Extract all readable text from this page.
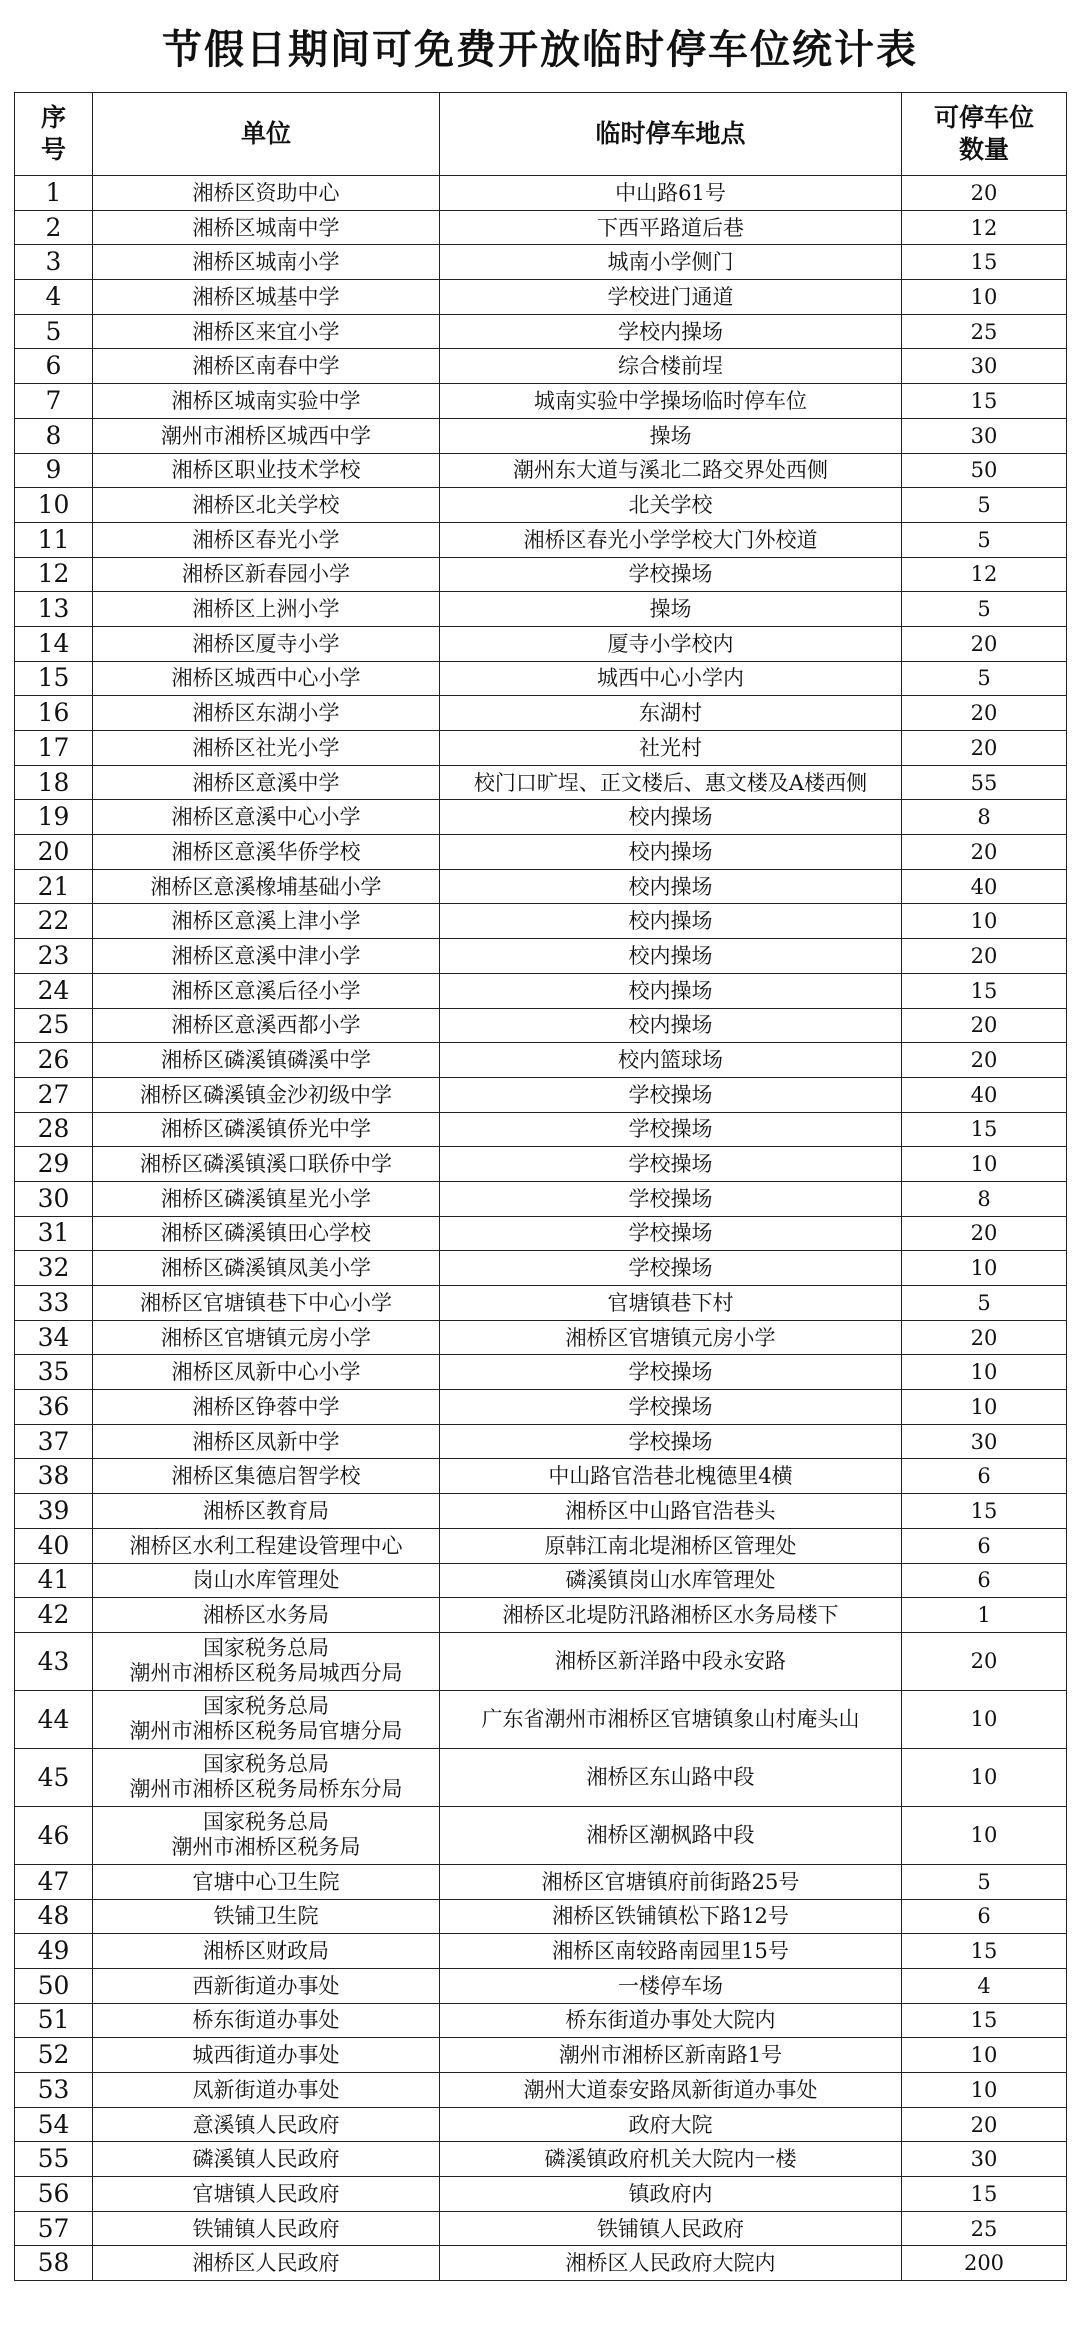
节假日期间可免费开放临时停车位统计表
序
号	单位	临时停车地点	可停车位
数量
1	湘桥区资助中心	中山路61号	20
2	湘桥区城南中学	下西平路道后巷	12
3	湘桥区城南小学	城南小学侧门	15
4	湘桥区城基中学	学校进门通道	10
5	湘桥区来宜小学	学校内操场	25
6	湘桥区南春中学	综合楼前埕	30
7	湘桥区城南实验中学	城南实验中学操场临时停车位	15
8	潮州市湘桥区城西中学	操场	30
9	湘桥区职业技术学校	潮州东大道与溪北二路交界处西侧	50
10	湘桥区北关学校	北关学校	5
11	湘桥区春光小学	湘桥区春光小学学校大门外校道	5
12	湘桥区新春园小学	学校操场	12
13	湘桥区上洲小学	操场	5
14	湘桥区厦寺小学	厦寺小学校内	20
15	湘桥区城西中心小学	城西中心小学内	5
16	湘桥区东湖小学	东湖村	20
17	湘桥区社光小学	社光村	20
18	湘桥区意溪中学	校门口旷埕、正文楼后、惠文楼及A楼西侧	55
19	湘桥区意溪中心小学	校内操场	8
20	湘桥区意溪华侨学校	校内操场	20
21	湘桥区意溪橡埔基础小学	校内操场	40
22	湘桥区意溪上津小学	校内操场	10
23	湘桥区意溪中津小学	校内操场	20
24	湘桥区意溪后径小学	校内操场	15
25	湘桥区意溪西都小学	校内操场	20
26	湘桥区磷溪镇磷溪中学	校内篮球场	20
27	湘桥区磷溪镇金沙初级中学	学校操场	40
28	湘桥区磷溪镇侨光中学	学校操场	15
29	湘桥区磷溪镇溪口联侨中学	学校操场	10
30	湘桥区磷溪镇星光小学	学校操场	8
31	湘桥区磷溪镇田心学校	学校操场	20
32	湘桥区磷溪镇凤美小学	学校操场	10
33	湘桥区官塘镇巷下中心小学	官塘镇巷下村	5
34	湘桥区官塘镇元房小学	湘桥区官塘镇元房小学	20
35	湘桥区凤新中心小学	学校操场	10
36	湘桥区铮蓉中学	学校操场	10
37	湘桥区凤新中学	学校操场	30
38	湘桥区集德启智学校	中山路官浩巷北槐德里4横	6
39	湘桥区教育局	湘桥区中山路官浩巷头	15
40	湘桥区水利工程建设管理中心	原韩江南北堤湘桥区管理处	6
41	岗山水库管理处	磷溪镇岗山水库管理处	6
42	湘桥区水务局	湘桥区北堤防汛路湘桥区水务局楼下	1
43	国家税务总局
潮州市湘桥区税务局城西分局	湘桥区新洋路中段永安路	20
44	国家税务总局
潮州市湘桥区税务局官塘分局	广东省潮州市湘桥区官塘镇象山村庵头山	10
45	国家税务总局
潮州市湘桥区税务局桥东分局	湘桥区东山路中段	10
46	国家税务总局
潮州市湘桥区税务局	湘桥区潮枫路中段	10
47	官塘中心卫生院	湘桥区官塘镇府前街路25号	5
48	铁铺卫生院	湘桥区铁铺镇松下路12号	6
49	湘桥区财政局	湘桥区南较路南园里15号	15
50	西新街道办事处	一楼停车场	4
51	桥东街道办事处	桥东街道办事处大院内	15
52	城西街道办事处	潮州市湘桥区新南路1号	10
53	凤新街道办事处	潮州大道泰安路凤新街道办事处	10
54	意溪镇人民政府	政府大院	20
55	磷溪镇人民政府	磷溪镇政府机关大院内一楼	30
56	官塘镇人民政府	镇政府内	15
57	铁铺镇人民政府	铁铺镇人民政府	25
58	湘桥区人民政府	湘桥区人民政府大院内	200
